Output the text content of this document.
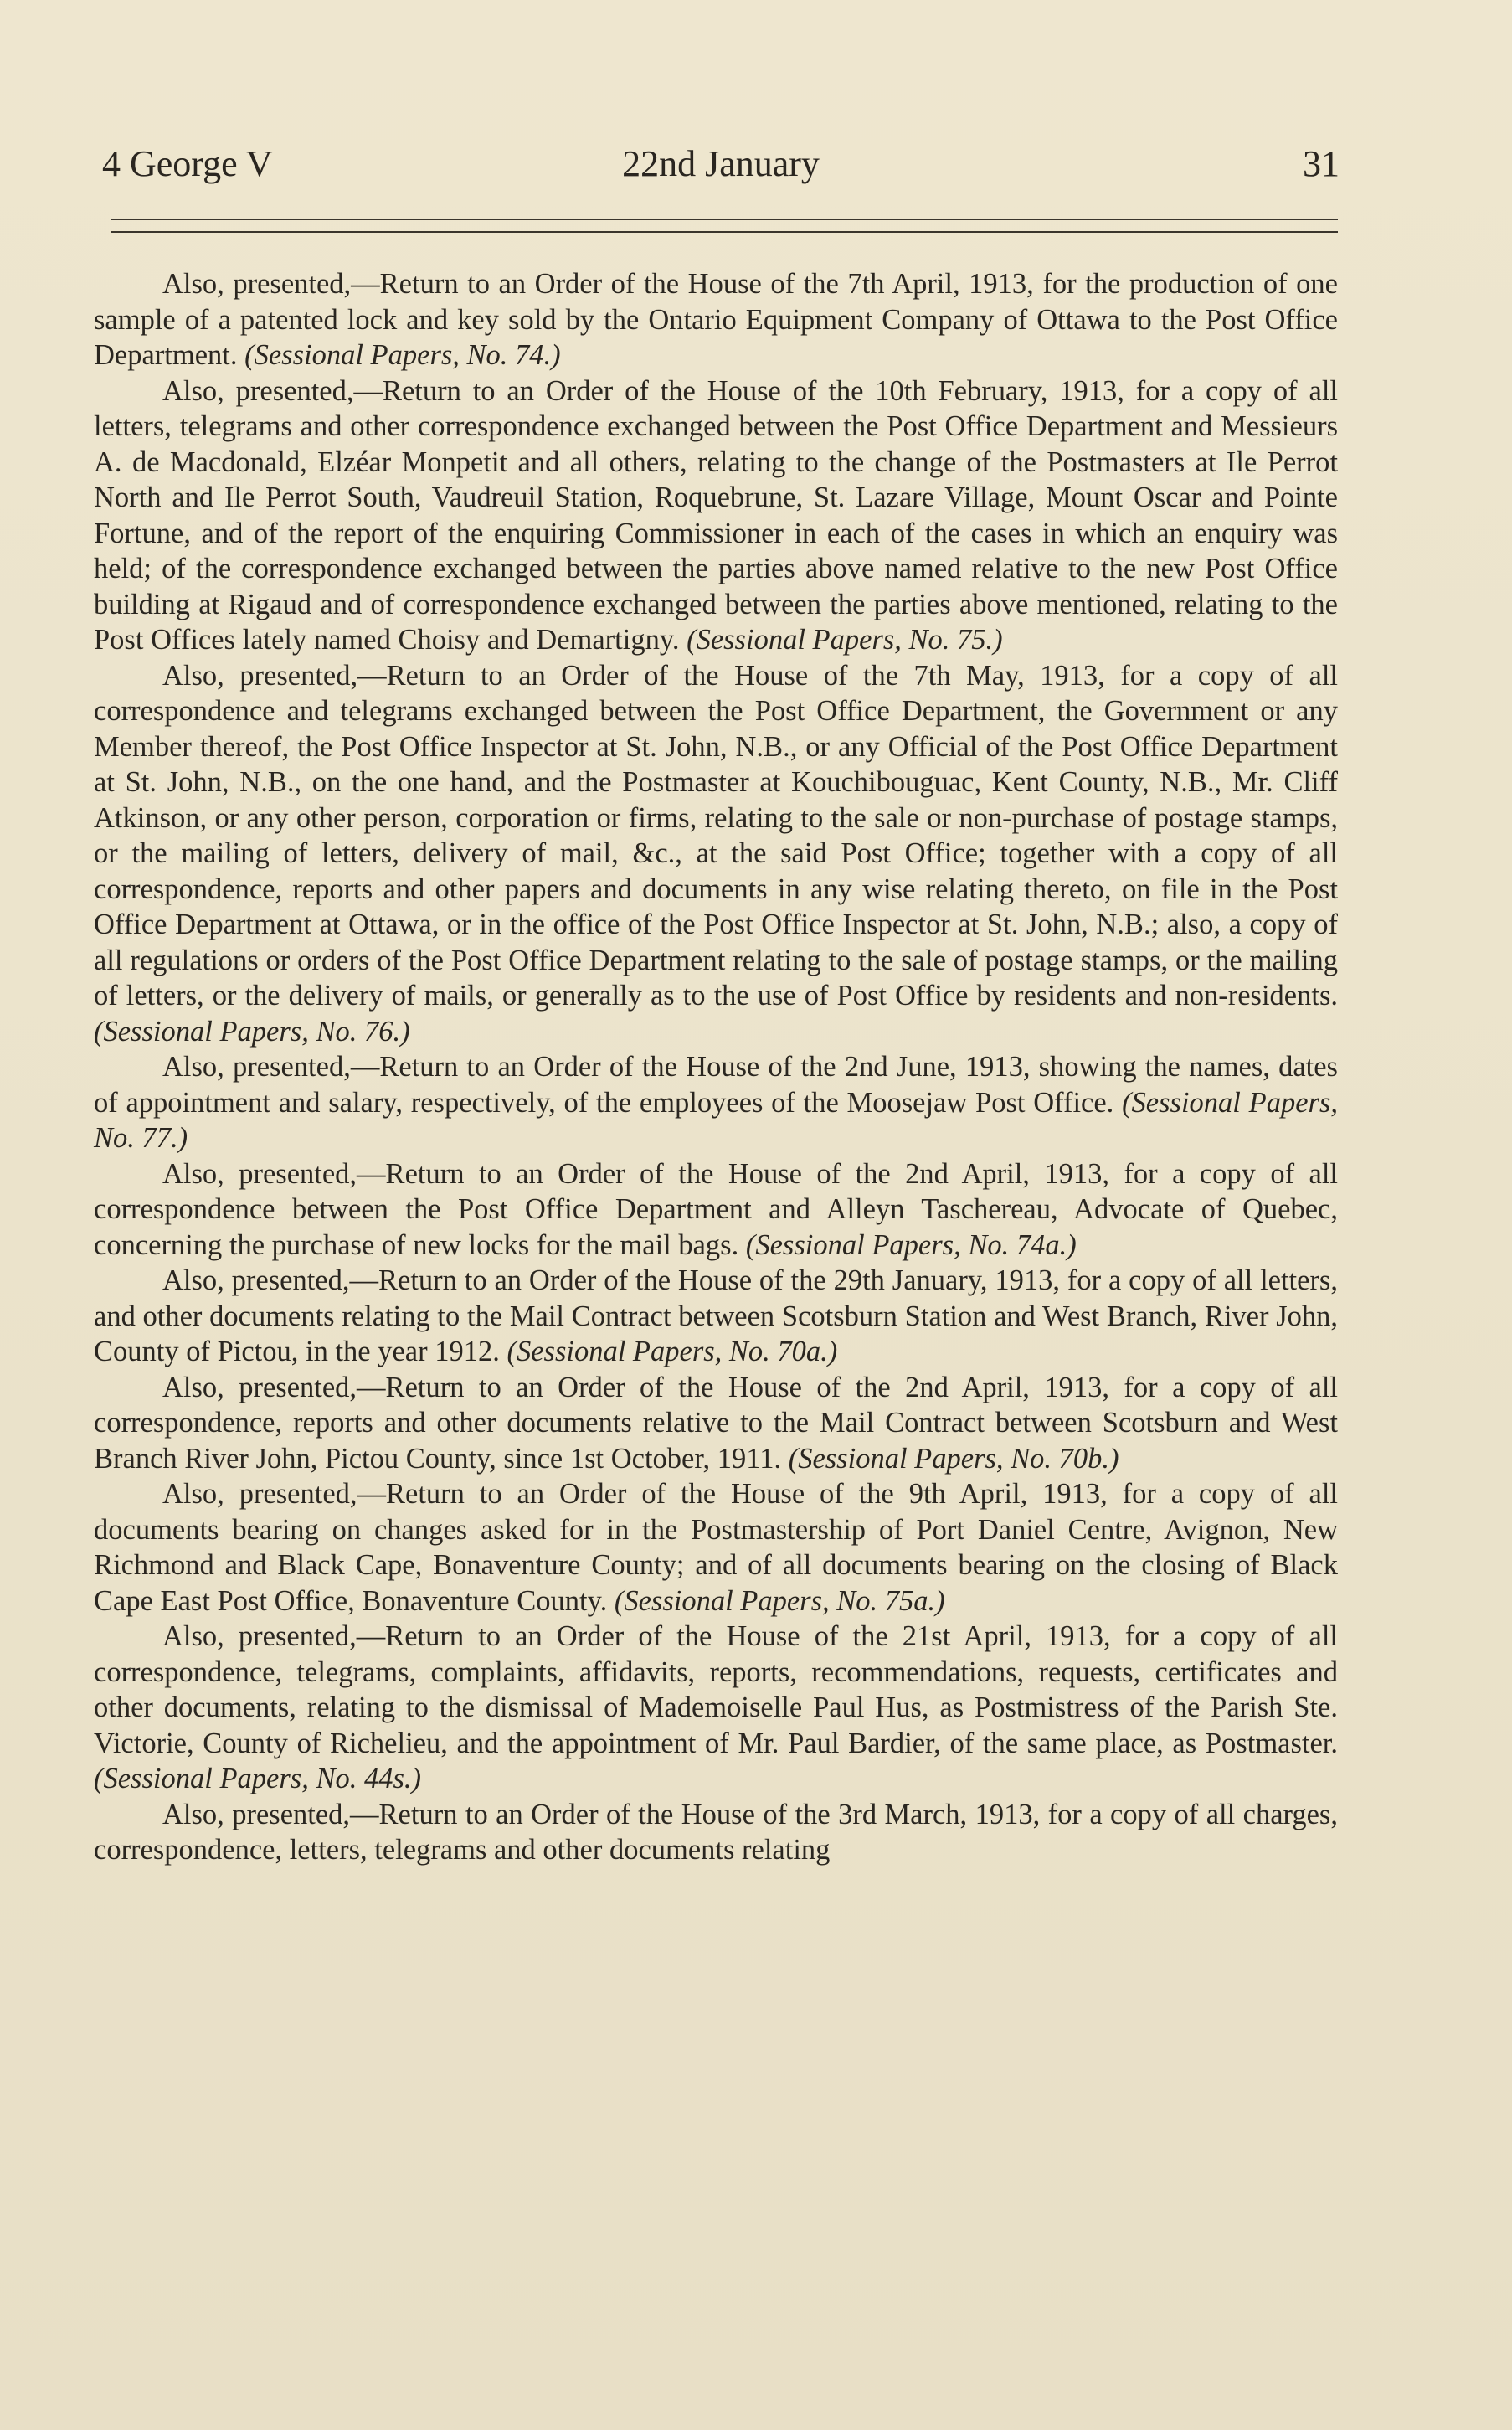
4 George V	22nd January	31

Also, presented,—Return to an Order of the House of the 7th April, 1913, for the production of one sample of a patented lock and key sold by the Ontario Equipment Company of Ottawa to the Post Office Department. (Sessional Papers, No. 74.)

Also, presented,—Return to an Order of the House of the 10th February, 1913, for a copy of all letters, telegrams and other correspondence exchanged between the Post Office Department and Messieurs A. de Macdonald, Elzéar Monpetit and all others, relating to the change of the Postmasters at Ile Perrot North and Ile Perrot South, Vaudreuil Station, Roquebrune, St. Lazare Village, Mount Oscar and Pointe Fortune, and of the report of the enquiring Commissioner in each of the cases in which an enquiry was held; of the correspondence exchanged between the parties above named relative to the new Post Office building at Rigaud and of correspondence exchanged between the parties above mentioned, relating to the Post Offices lately named Choisy and Demartigny. (Sessional Papers, No. 75.)

Also, presented,—Return to an Order of the House of the 7th May, 1913, for a copy of all correspondence and telegrams exchanged between the Post Office Department, the Government or any Member thereof, the Post Office Inspector at St. John, N.B., or any Official of the Post Office Department at St. John, N.B., on the one hand, and the Postmaster at Kouchibouguac, Kent County, N.B., Mr. Cliff Atkinson, or any other person, corporation or firms, relating to the sale or non-purchase of postage stamps, or the mailing of letters, delivery of mail, &c., at the said Post Office; together with a copy of all correspondence, reports and other papers and documents in any wise relating thereto, on file in the Post Office Department at Ottawa, or in the office of the Post Office Inspector at St. John, N.B.; also, a copy of all regulations or orders of the Post Office Department relating to the sale of postage stamps, or the mailing of letters, or the delivery of mails, or generally as to the use of Post Office by residents and non-residents. (Sessional Papers, No. 76.)

Also, presented,—Return to an Order of the House of the 2nd June, 1913, showing the names, dates of appointment and salary, respectively, of the employees of the Moosejaw Post Office. (Sessional Papers, No. 77.)

Also, presented,—Return to an Order of the House of the 2nd April, 1913, for a copy of all correspondence between the Post Office Department and Alleyn Taschereau, Advocate of Quebec, concerning the purchase of new locks for the mail bags. (Sessional Papers, No. 74a.)

Also, presented,—Return to an Order of the House of the 29th January, 1913, for a copy of all letters, and other documents relating to the Mail Contract between Scotsburn Station and West Branch, River John, County of Pictou, in the year 1912. (Sessional Papers, No. 70a.)

Also, presented,—Return to an Order of the House of the 2nd April, 1913, for a copy of all correspondence, reports and other documents relative to the Mail Contract between Scotsburn and West Branch River John, Pictou County, since 1st October, 1911. (Sessional Papers, No. 70b.)

Also, presented,—Return to an Order of the House of the 9th April, 1913, for a copy of all documents bearing on changes asked for in the Postmastership of Port Daniel Centre, Avignon, New Richmond and Black Cape, Bonaventure County; and of all documents bearing on the closing of Black Cape East Post Office, Bonaventure County. (Sessional Papers, No. 75a.)

Also, presented,—Return to an Order of the House of the 21st April, 1913, for a copy of all correspondence, telegrams, complaints, affidavits, reports, recommendations, requests, certificates and other documents, relating to the dismissal of Mademoiselle Paul Hus, as Postmistress of the Parish Ste. Victorie, County of Richelieu, and the appointment of Mr. Paul Bardier, of the same place, as Postmaster. (Sessional Papers, No. 44s.)

Also, presented,—Return to an Order of the House of the 3rd March, 1913, for a copy of all charges, correspondence, letters, telegrams and other documents relating
